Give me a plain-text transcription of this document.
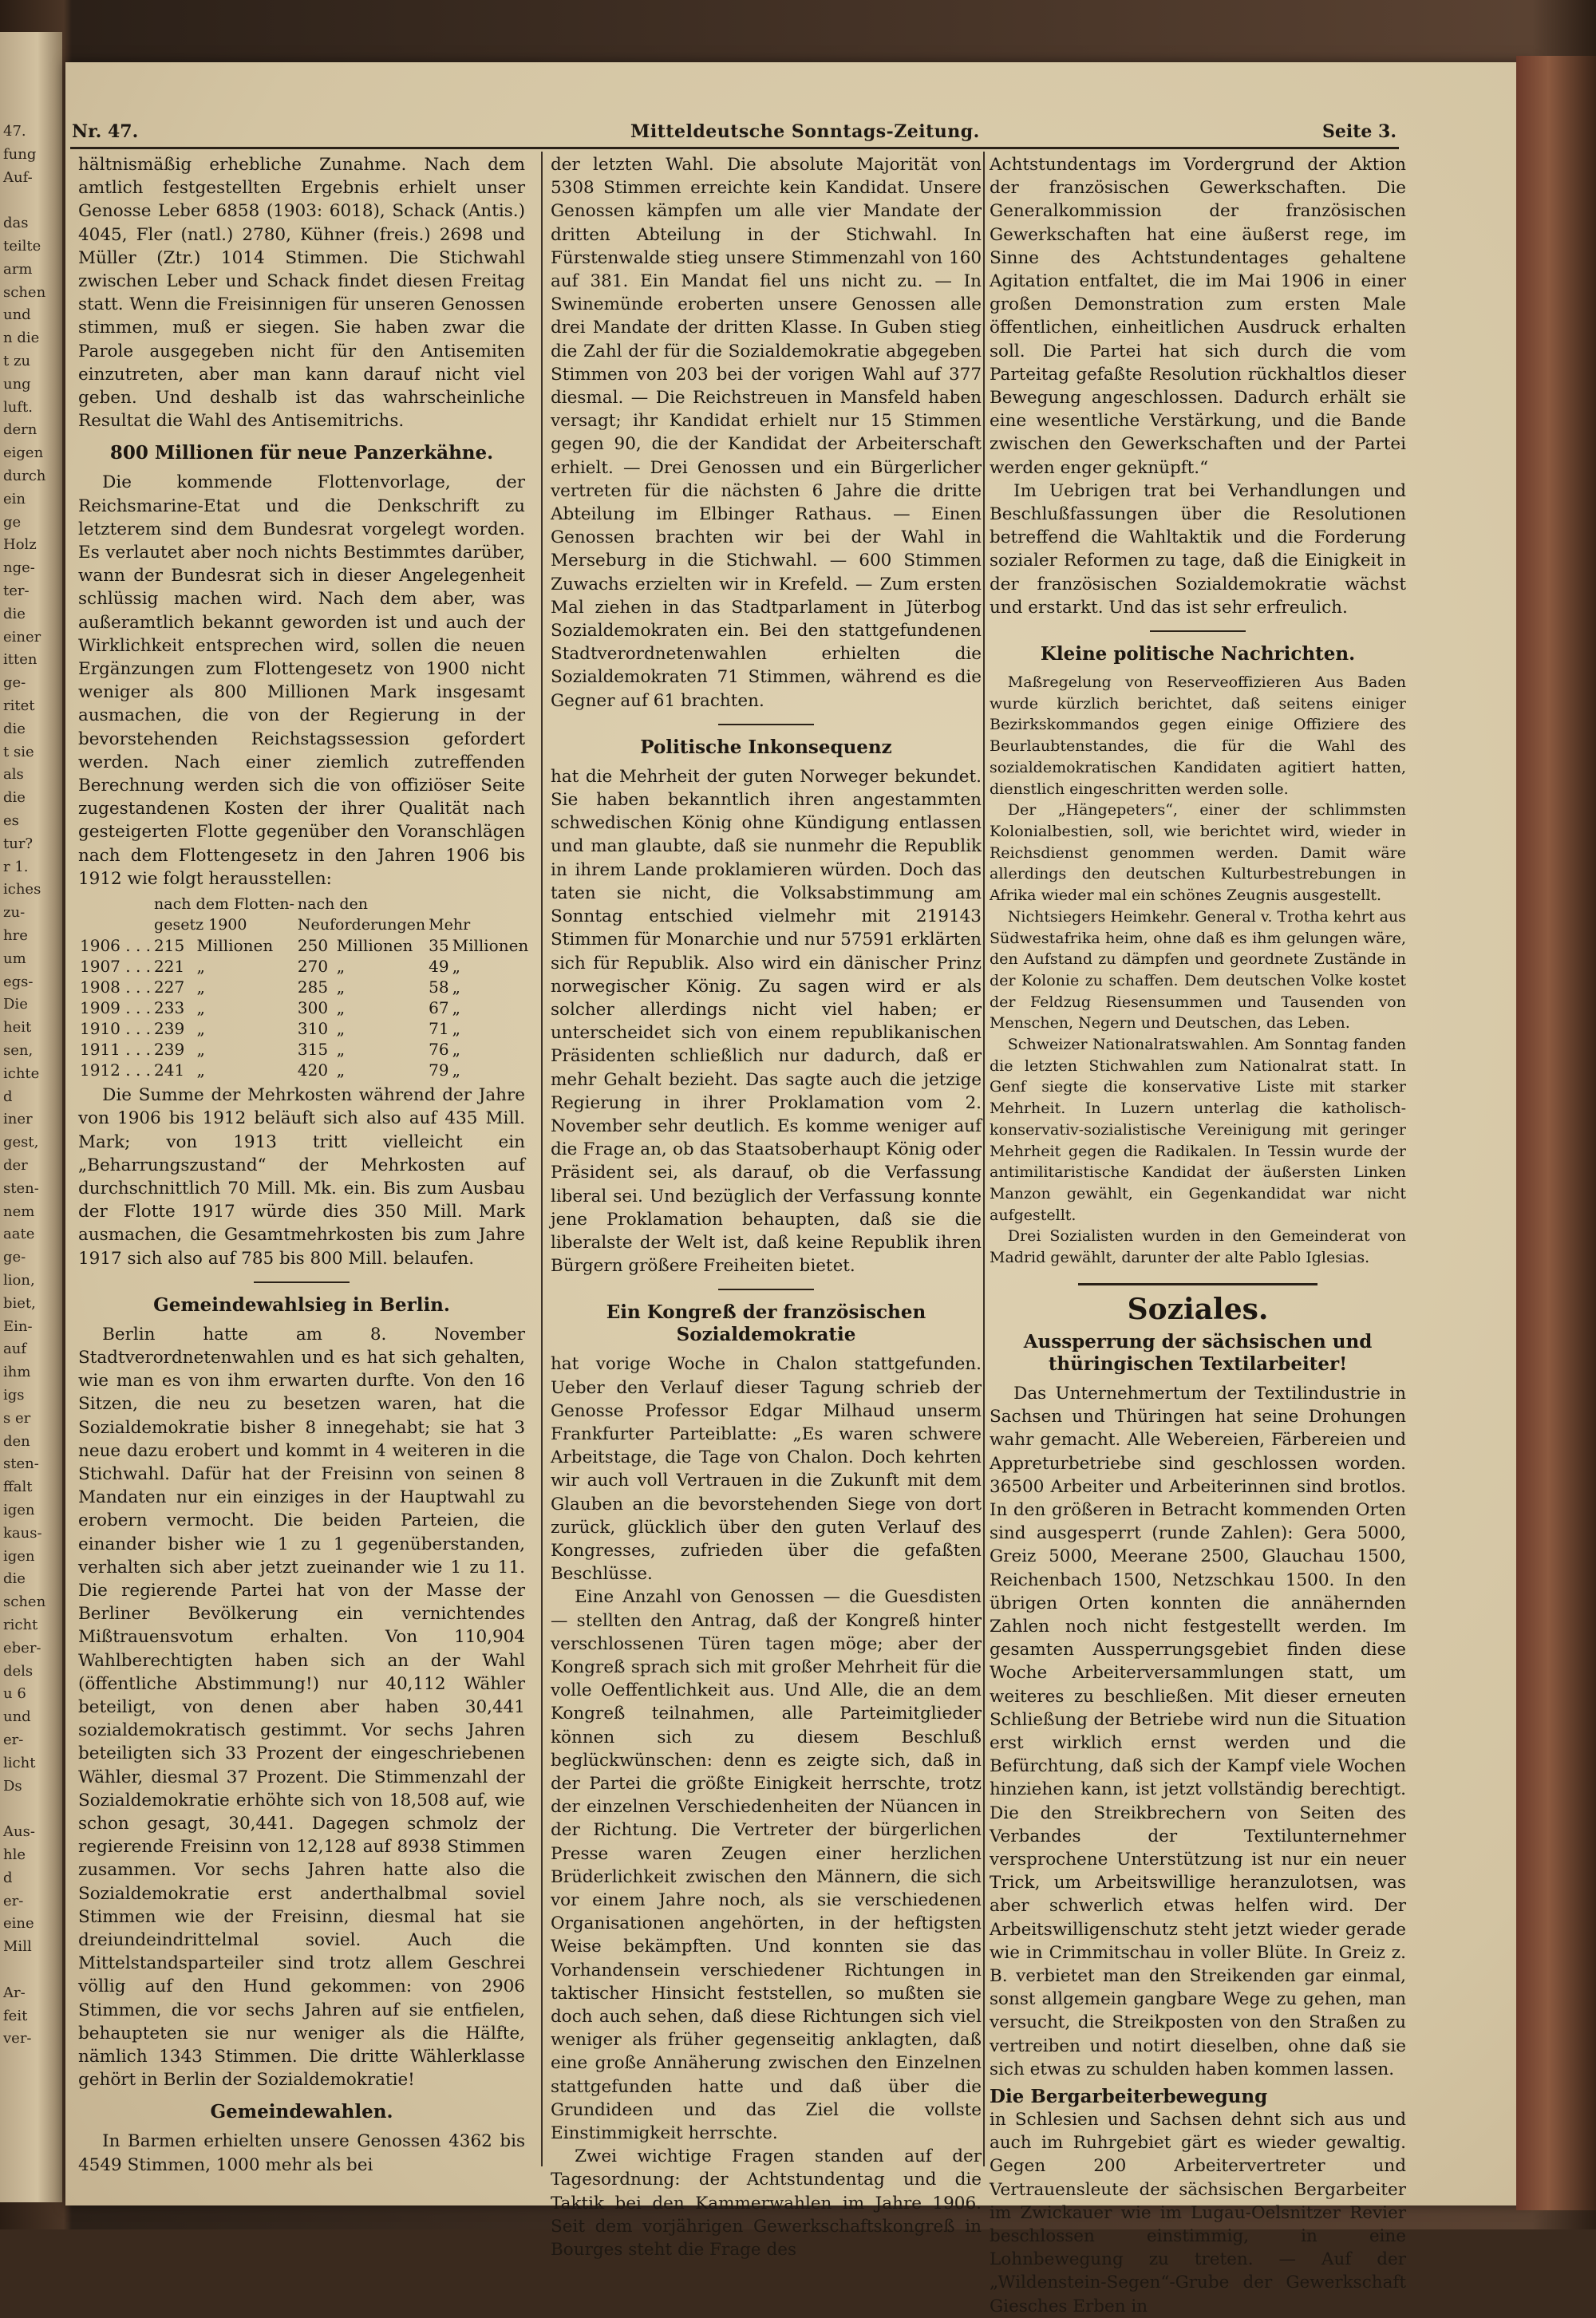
47.
fung
Auf-
das
teilte
arm
schen
und
n die
t zu
ung
luft.
dern
eigen
durch
ein
ge
Holz
nge-
ter-
die
einer
itten
ge-
ritet
die
t sie
als
die
es
tur?
r 1.
iches
zu-
hre
um
egs-
Die
heit
sen,
ichte
d
iner
gest,
der
sten-
nem
aate
ge-
lion,
biet,
Ein-
auf
ihm
igs
s er
den
sten-
ffalt
igen
kaus-
igen
die
schen
richt
eber-
dels
u 6
und
er-
licht
Ds
Aus-
hle
d
er-
eine
Mill
Ar-
feit
ver-
Nr. 47.	Mitteldeutsche Sonntags-Zeitung.	Seite 3.

hältnismäßig erhebliche Zunahme. Nach dem amtlich festgestellten Ergebnis erhielt unser Genosse Leber 6858 (1903: 6018), Schack (Antis.) 4045, Fler (natl.) 2780, Kühner (freis.) 2698 und Müller (Ztr.) 1014 Stimmen. Die Stichwahl zwischen Leber und Schack findet diesen Freitag statt. Wenn die Freisinnigen für unseren Genossen stimmen, muß er siegen. Sie haben zwar die Parole ausgegeben nicht für den Antisemiten einzutreten, aber man kann darauf nicht viel geben. Und deshalb ist das wahrscheinliche Resultat die Wahl des Antisemitrichs.

800 Millionen für neue Panzerkähne.

Die kommende Flottenvorlage, der Reichsmarine-Etat und die Denkschrift zu letzterem sind dem Bundesrat vorgelegt worden. Es verlautet aber noch nichts Bestimmtes darüber, wann der Bundesrat sich in dieser Angelegenheit schlüssig machen wird. Nach dem aber, was außeramtlich bekannt geworden ist und auch der Wirklichkeit entsprechen wird, sollen die neuen Ergänzungen zum Flottengesetz von 1900 nicht weniger als 800 Millionen Mark insgesamt ausmachen, die von der Regierung in der bevorstehenden Reichstagssession gefordert werden. Nach einer ziemlich zutreffenden Berechnung werden sich die von offiziöser Seite zugestandenen Kosten der ihrer Qualität nach gesteigerten Flotte gegenüber den Voranschlägen nach dem Flottengesetz in den Jahren 1906 bis 1912 wie folgt herausstellen:

	nach dem Flotten-		nach den			
	gesetz 1900		Neuforderungen		Mehr	
1906 . . .	215	Millionen	250	Millionen	35	Millionen
1907 . . .	221	„	270	„	49	„
1908 . . .	227	„	285	„	58	„
1909 . . .	233	„	300	„	67	„
1910 . . .	239	„	310	„	71	„
1911 . . .	239	„	315	„	76	„
1912 . . .	241	„	420	„	79	„

Die Summe der Mehrkosten während der Jahre von 1906 bis 1912 beläuft sich also auf 435 Mill. Mark; von 1913 tritt vielleicht ein „Beharrungszustand“ der Mehrkosten auf durchschnittlich 70 Mill. Mk. ein. Bis zum Ausbau der Flotte 1917 würde dies 350 Mill. Mark ausmachen, die Gesamtmehrkosten bis zum Jahre 1917 sich also auf 785 bis 800 Mill. belaufen.

Gemeindewahlsieg in Berlin.

Berlin hatte am 8. November Stadtverordnetenwahlen und es hat sich gehalten, wie man es von ihm erwarten durfte. Von den 16 Sitzen, die neu zu besetzen waren, hat die Sozialdemokratie bisher 8 innegehabt; sie hat 3 neue dazu erobert und kommt in 4 weiteren in die Stichwahl. Dafür hat der Freisinn von seinen 8 Mandaten nur ein einziges in der Hauptwahl zu erobern vermocht. Die beiden Parteien, die einander bisher wie 1 zu 1 gegenüberstanden, verhalten sich aber jetzt zueinander wie 1 zu 11. Die regierende Partei hat von der Masse der Berliner Bevölkerung ein vernichtendes Mißtrauensvotum erhalten. Von 110,904 Wahlberechtigten haben sich an der Wahl (öffentliche Abstimmung!) nur 40,112 Wähler beteiligt, von denen aber haben 30,441 sozialdemokratisch gestimmt. Vor sechs Jahren beteiligten sich 33 Prozent der eingeschriebenen Wähler, diesmal 37 Prozent. Die Stimmenzahl der Sozialdemokratie erhöhte sich von 18,508 auf, wie schon gesagt, 30,441. Dagegen schmolz der regierende Freisinn von 12,128 auf 8938 Stimmen zusammen. Vor sechs Jahren hatte also die Sozialdemokratie erst anderthalbmal soviel Stimmen wie der Freisinn, diesmal hat sie dreiundeindrittelmal soviel. Auch die Mittelstandsparteiler sind trotz allem Geschrei völlig auf den Hund gekommen: von 2906 Stimmen, die vor sechs Jahren auf sie entfielen, behaupteten sie nur weniger als die Hälfte, nämlich 1343 Stimmen. Die dritte Wählerklasse gehört in Berlin der Sozialdemokratie!

Gemeindewahlen.

In Barmen erhielten unsere Genossen 4362 bis 4549 Stimmen, 1000 mehr als bei

der letzten Wahl. Die absolute Majorität von 5308 Stimmen erreichte kein Kandidat. Unsere Genossen kämpfen um alle vier Mandate der dritten Abteilung in der Stichwahl. In Fürstenwalde stieg unsere Stimmenzahl von 160 auf 381. Ein Mandat fiel uns nicht zu. — In Swinemünde eroberten unsere Genossen alle drei Mandate der dritten Klasse. In Guben stieg die Zahl der für die Sozialdemokratie abgegeben Stimmen von 203 bei der vorigen Wahl auf 377 diesmal. — Die Reichstreuen in Mansfeld haben versagt; ihr Kandidat erhielt nur 15 Stimmen gegen 90, die der Kandidat der Arbeiterschaft erhielt. — Drei Genossen und ein Bürgerlicher vertreten für die nächsten 6 Jahre die dritte Abteilung im Elbinger Rathaus. — Einen Genossen brachten wir bei der Wahl in Merseburg in die Stichwahl. — 600 Stimmen Zuwachs erzielten wir in Krefeld. — Zum ersten Mal ziehen in das Stadtparlament in Jüterbog Sozialdemokraten ein. Bei den stattgefundenen Stadtverordnetenwahlen erhielten die Sozialdemokraten 71 Stimmen, während es die Gegner auf 61 brachten.

Politische Inkonsequenz

hat die Mehrheit der guten Norweger bekundet. Sie haben bekanntlich ihren angestammten schwedischen König ohne Kündigung entlassen und man glaubte, daß sie nunmehr die Republik in ihrem Lande proklamieren würden. Doch das taten sie nicht, die Volksabstimmung am Sonntag entschied vielmehr mit 219143 Stimmen für Monarchie und nur 57591 erklärten sich für Republik. Also wird ein dänischer Prinz norwegischer König. Zu sagen wird er als solcher allerdings nicht viel haben; er unterscheidet sich von einem republikanischen Präsidenten schließlich nur dadurch, daß er mehr Gehalt bezieht. Das sagte auch die jetzige Regierung in ihrer Proklamation vom 2. November sehr deutlich. Es komme weniger auf die Frage an, ob das Staatsoberhaupt König oder Präsident sei, als darauf, ob die Verfassung liberal sei. Und bezüglich der Verfassung konnte jene Proklamation behaupten, daß sie die liberalste der Welt ist, daß keine Republik ihren Bürgern größere Freiheiten bietet.

Ein Kongreß der französischen Sozialdemokratie

hat vorige Woche in Chalon stattgefunden. Ueber den Verlauf dieser Tagung schrieb der Genosse Professor Edgar Milhaud unserm Frankfurter Parteiblatte: „Es waren schwere Arbeitstage, die Tage von Chalon. Doch kehrten wir auch voll Vertrauen in die Zukunft mit dem Glauben an die bevorstehenden Siege von dort zurück, glücklich über den guten Verlauf des Kongresses, zufrieden über die gefaßten Beschlüsse.

Eine Anzahl von Genossen — die Guesdisten — stellten den Antrag, daß der Kongreß hinter verschlossenen Türen tagen möge; aber der Kongreß sprach sich mit großer Mehrheit für die volle Oeffentlichkeit aus. Und Alle, die an dem Kongreß teilnahmen, alle Parteimitglieder können sich zu diesem Beschluß beglückwünschen: denn es zeigte sich, daß in der Partei die größte Einigkeit herrschte, trotz der einzelnen Verschiedenheiten der Nüancen in der Richtung. Die Vertreter der bürgerlichen Presse waren Zeugen einer herzlichen Brüderlichkeit zwischen den Männern, die sich vor einem Jahre noch, als sie verschiedenen Organisationen angehörten, in der heftigsten Weise bekämpften. Und konnten sie das Vorhandensein verschiedener Richtungen in taktischer Hinsicht feststellen, so mußten sie doch auch sehen, daß diese Richtungen sich viel weniger als früher gegenseitig anklagten, daß eine große Annäherung zwischen den Einzelnen stattgefunden hatte und daß über die Grundideen und das Ziel die vollste Einstimmigkeit herrschte.

Zwei wichtige Fragen standen auf der Tagesordnung: der Achtstundentag und die Taktik bei den Kammerwahlen im Jahre 1906. Seit dem vorjährigen Gewerkschaftskongreß in Bourges steht die Frage des

Achtstundentags im Vordergrund der Aktion der französischen Gewerkschaften. Die Generalkommission der französischen Gewerkschaften hat eine äußerst rege, im Sinne des Achtstundentages gehaltene Agitation entfaltet, die im Mai 1906 in einer großen Demonstration zum ersten Male öffentlichen, einheitlichen Ausdruck erhalten soll. Die Partei hat sich durch die vom Parteitag gefaßte Resolution rückhaltlos dieser Bewegung angeschlossen. Dadurch erhält sie eine wesentliche Verstärkung, und die Bande zwischen den Gewerkschaften und der Partei werden enger geknüpft.“

Im Uebrigen trat bei Verhandlungen und Beschlußfassungen über die Resolutionen betreffend die Wahltaktik und die Forderung sozialer Reformen zu tage, daß die Einigkeit in der französischen Sozialdemokratie wächst und erstarkt. Und das ist sehr erfreulich.

Kleine politische Nachrichten.

Maßregelung von Reserveoffizieren Aus Baden wurde kürzlich berichtet, daß seitens einiger Bezirkskommandos gegen einige Offiziere des Beurlaubtenstandes, die für die Wahl des sozialdemokratischen Kandidaten agitiert hatten, dienstlich eingeschritten werden solle.

Der „Hängepeters“, einer der schlimmsten Kolonialbestien, soll, wie berichtet wird, wieder in Reichsdienst genommen werden. Damit wäre allerdings den deutschen Kulturbestrebungen in Afrika wieder mal ein schönes Zeugnis ausgestellt.

Nichtsiegers Heimkehr. General v. Trotha kehrt aus Südwestafrika heim, ohne daß es ihm gelungen wäre, den Aufstand zu dämpfen und geordnete Zustände in der Kolonie zu schaffen. Dem deutschen Volke kostet der Feldzug Riesensummen und Tausenden von Menschen, Negern und Deutschen, das Leben.

Schweizer Nationalratswahlen. Am Sonntag fanden die letzten Stichwahlen zum Nationalrat statt. In Genf siegte die konservative Liste mit starker Mehrheit. In Luzern unterlag die katholisch-konservativ-sozialistische Vereinigung mit geringer Mehrheit gegen die Radikalen. In Tessin wurde der antimilitaristische Kandidat der äußersten Linken Manzon gewählt, ein Gegenkandidat war nicht aufgestellt.

Drei Sozialisten wurden in den Gemeinderat von Madrid gewählt, darunter der alte Pablo Iglesias.

Soziales.
Aussperrung der sächsischen und thüringischen Textilarbeiter!

Das Unternehmertum der Textilindustrie in Sachsen und Thüringen hat seine Drohungen wahr gemacht. Alle Webereien, Färbereien und Appreturbetriebe sind geschlossen worden. 36500 Arbeiter und Arbeiterinnen sind brotlos. In den größeren in Betracht kommenden Orten sind ausgesperrt (runde Zahlen): Gera 5000, Greiz 5000, Meerane 2500, Glauchau 1500, Reichenbach 1500, Netzschkau 1500. In den übrigen Orten konnten die annähernden Zahlen noch nicht festgestellt werden. Im gesamten Aussperrungsgebiet finden diese Woche Arbeiterversammlungen statt, um weiteres zu beschließen. Mit dieser erneuten Schließung der Betriebe wird nun die Situation erst wirklich ernst werden und die Befürchtung, daß sich der Kampf viele Wochen hinziehen kann, ist jetzt vollständig berechtigt. Die den Streikbrechern von Seiten des Verbandes der Textilunternehmer versprochene Unterstützung ist nur ein neuer Trick, um Arbeitswillige heranzulotsen, was aber schwerlich etwas helfen wird. Der Arbeitswilligenschutz steht jetzt wieder gerade wie in Crimmitschau in voller Blüte. In Greiz z. B. verbietet man den Streikenden gar einmal, sonst allgemein gangbare Wege zu gehen, man versucht, die Streikposten von den Straßen zu vertreiben und notirt dieselben, ohne daß sie sich etwas zu schulden haben kommen lassen.

Die Bergarbeiterbewegung

in Schlesien und Sachsen dehnt sich aus und auch im Ruhrgebiet gärt es wieder gewaltig. Gegen 200 Arbeitervertreter und Vertrauensleute der sächsischen Bergarbeiter im Zwickauer wie im Lugau-Oelsnitzer Revier beschlossen einstimmig, in eine Lohnbewegung zu treten. — Auf der „Wildenstein-Segen“-Grube der Gewerkschaft Giesches Erben in
